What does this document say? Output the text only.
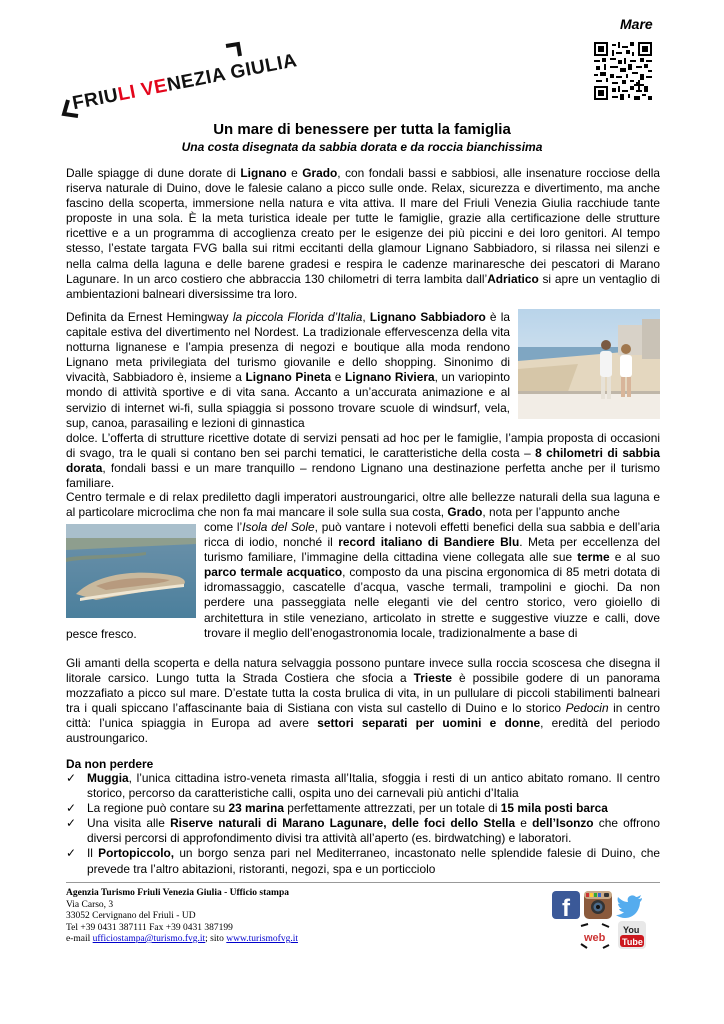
Mare
FRIULI VENEZIA GIULIA
Un mare di benessere per tutta la famiglia
Una costa disegnata da sabbia dorata e da roccia bianchissima

Dalle spiagge di dune dorate di Lignano e Grado, con fondali bassi e sabbiosi, alle insenature rocciose della riserva naturale di Duino, dove le falesie calano a picco sulle onde. Relax, sicurezza e divertimento, ma anche fascino della scoperta, immersione nella natura e vita attiva. Il mare del Friuli Venezia Giulia racchiude tante proposte in una sola. È la meta turistica ideale per tutte le famiglie, grazie alla certificazione delle strutture ricettive e a un programma di accoglienza creato per le esigenze dei più piccini e dei loro genitori. Al tempo stesso, l’estate targata FVG balla sui ritmi eccitanti della glamour Lignano Sabbiadoro, si rilassa nei silenzi e nella calma della laguna e delle barene gradesi e respira le cadenze marinaresche dei pescatori di Marano Lagunare. In un arco costiero che abbraccia 130 chilometri di terra lambita dall’Adriatico si apre un ventaglio di ambientazioni balneari diversissime tra loro.

Definita da Ernest Hemingway la piccola Florida d’Italia, Lignano Sabbiadoro è la capitale estiva del divertimento nel Nordest. La tradizionale effervescenza della vita notturna lignanese e l’ampia presenza di negozi e boutique alla moda rendono Lignano meta privilegiata del turismo giovanile e dello shopping. Sinonimo di vivacità, Sabbiadoro è, insieme a Lignano Pineta e Lignano Riviera, un variopinto mondo di attività sportive e di vita sana. Accanto a un’accurata animazione e al servizio di internet wi-fi, sulla spiaggia si possono trovare scuole di windsurf, vela, sup, canoa, parasailing e lezioni di ginnastica

dolce. L’offerta di strutture ricettive dotate di servizi pensati ad hoc per le famiglie, l’ampia proposta di occasioni di svago, tra le quali si contano ben sei parchi tematici, le caratteristiche della costa – 8 chilometri di sabbia dorata, fondali bassi e un mare tranquillo – rendono Lignano una destinazione perfetta anche per il turismo familiare.

Centro termale e di relax prediletto dagli imperatori austroungarici, oltre alle bellezze naturali della sua laguna e al particolare microclima che non fa mai mancare il sole sulla sua costa, Grado, nota per l’appunto anche

come l’Isola del Sole, può vantare i notevoli effetti benefici della sua sabbia e dell’aria ricca di iodio, nonché il record italiano di Bandiere Blu. Meta per eccellenza del turismo familiare, l’immagine della cittadina viene collegata alle sue terme e al suo parco termale acquatico, composto da una piscina ergonomica di 85 metri dotata di idromassaggio, cascatelle d’acqua, vasche termali, trampolini e giochi. Da non perdere una passeggiata nelle eleganti vie del centro storico, vero gioiello di architettura in stile veneziano, articolato in strette e suggestive viuzze e calli, dove trovare il meglio dell’enogastronomia locale, tradizionalmente a base di

pesce fresco.

Gli amanti della scoperta e della natura selvaggia possono puntare invece sulla roccia scoscesa che disegna il litorale carsico. Lungo tutta la Strada Costiera che sfocia a Trieste è possibile godere di un panorama mozzafiato a picco sul mare. D’estate tutta la costa brulica di vita, in un pullulare di piccoli stabilimenti balneari tra i quali spiccano l’affascinante baia di Sistiana con vista sul castello di Duino e lo storico Pedocin in centro città: l’unica spiaggia in Europa ad avere settori separati per uomini e donne, eredità del periodo austroungarico.

Da non perdere
✓ Muggia, l’unica cittadina istro-veneta rimasta all’Italia, sfoggia i resti di un antico abitato romano. Il centro storico, percorso da caratteristiche calli, ospita uno dei carnevali più antichi d’Italia
✓ La regione può contare su 23 marina perfettamente attrezzati, per un totale di 15 mila posti barca
✓ Una visita alle Riserve naturali di Marano Lagunare, delle foci dello Stella e dell’Isonzo che offrono diversi percorsi di approfondimento divisi tra attività all’aperto (es. birdwatching) e laboratori.
✓ Il Portopiccolo, un borgo senza pari nel Mediterraneo, incastonato nelle splendide falesie di Duino, che prevede tra l’altro abitazioni, ristoranti, negozi, spa e un porticciolo
Agenzia Turismo Friuli Venezia Giulia - Ufficio stampa
Via Carso, 3
33052 Cervignano del Friuli - UD
Tel +39 0431 387111 Fax +39 0431 387199
e-mail ufficiostampa@turismo.fvg.it; sito www.turismofvg.it
f
web
You
Tube
